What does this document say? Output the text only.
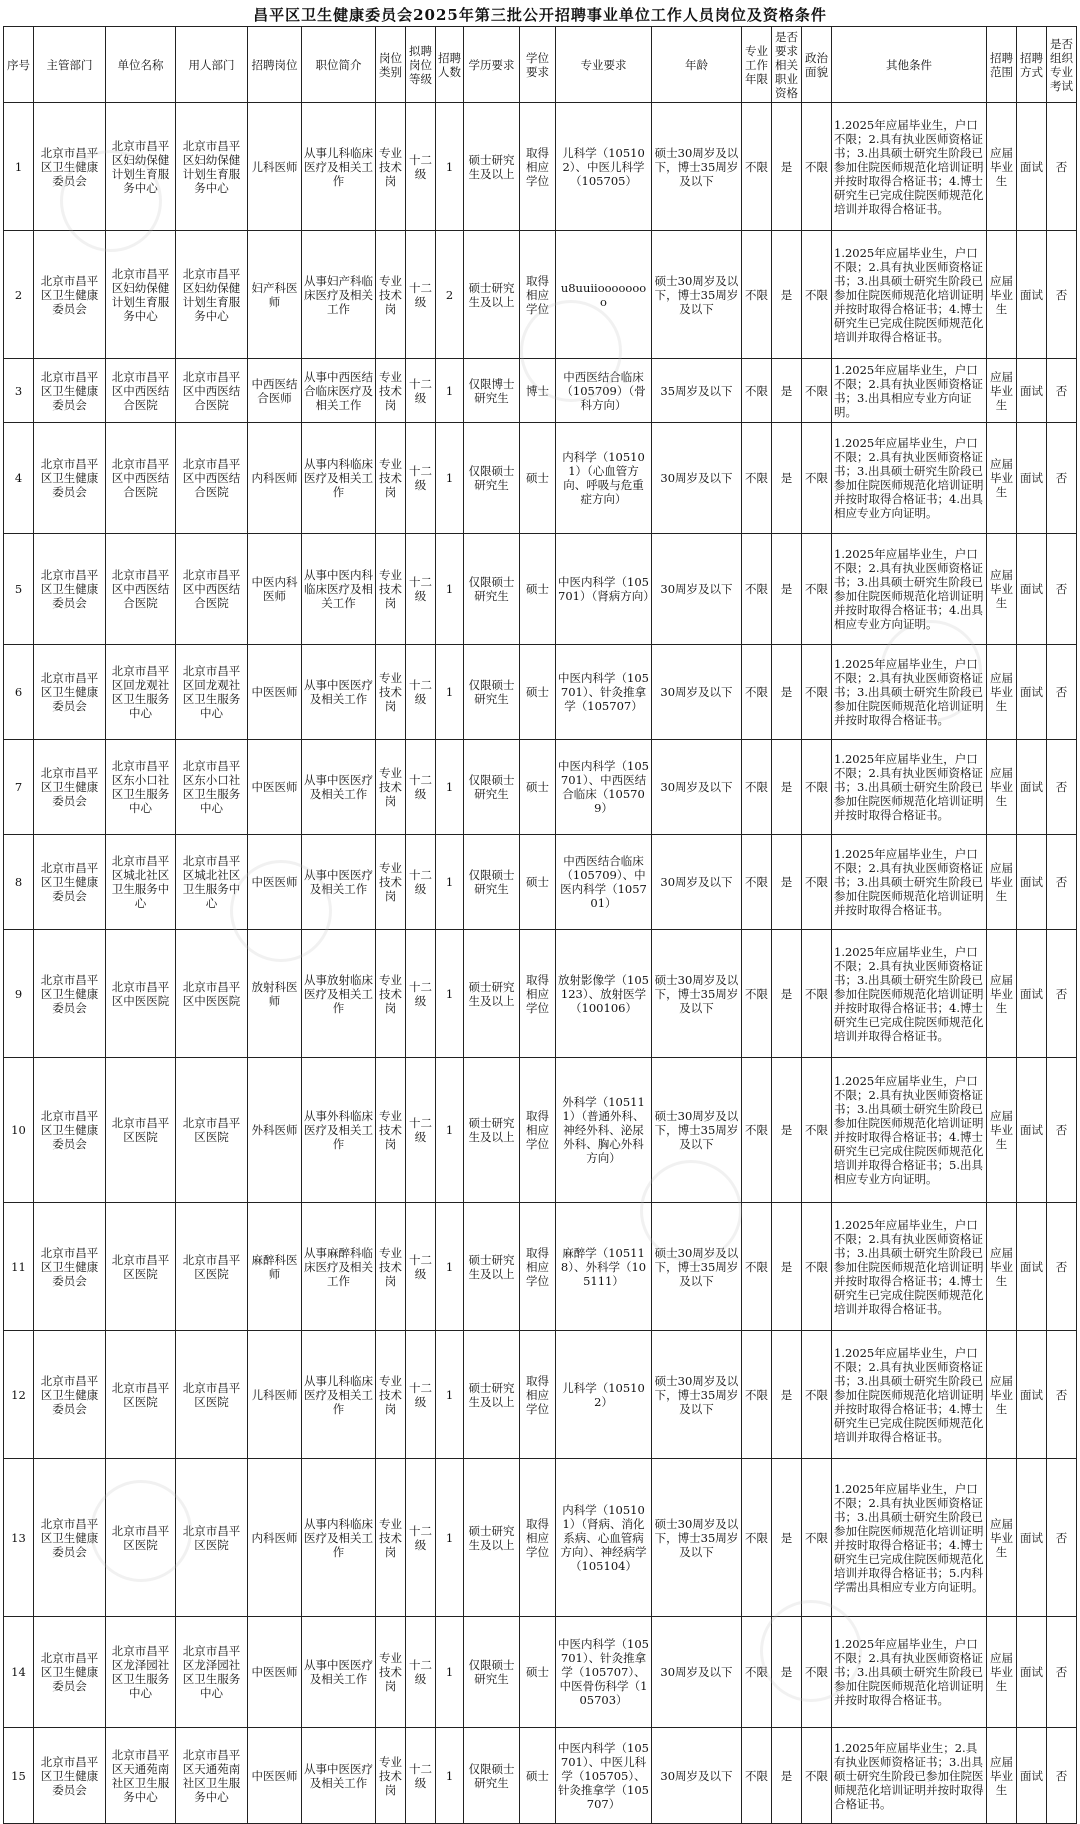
昌平区卫生健康委员会2025年第三批公开招聘事业单位工作人员岗位及资格条件
序号	主管部门	单位名称	用人部门	招聘岗位	职位简介	岗位类别	拟聘岗位等级	招聘人数	学历要求	学位要求	专业要求	年龄	专业工作年限	是否要求相关职业资格	政治面貌	其他条件	招聘范围	招聘方式	是否组织专业考试
1	北京市昌平区卫生健康委员会	北京市昌平区妇幼保健计划生育服务中心	北京市昌平区妇幼保健计划生育服务中心	儿科医师	从事儿科临床医疗及相关工作	专业技术岗	十二级	1	硕士研究生及以上	取得相应学位	儿科学（105102）、中医儿科学（105705）	硕士30周岁及以下，博士35周岁及以下	不限	是	不限	1.2025年应届毕业生，户口不限；2.具有执业医师资格证书；3.出具硕士研究生阶段已参加住院医师规范化培训证明并按时取得合格证书；4.博士研究生已完成住院医师规范化培训并取得合格证书。	应届毕业生	面试	否
2	北京市昌平区卫生健康委员会	北京市昌平区妇幼保健计划生育服务中心	北京市昌平区妇幼保健计划生育服务中心	妇产科医师	从事妇产科临床医疗及相关工作	专业技术岗	十二级	2	硕士研究生及以上	取得相应学位	u8uuiioooooooo	硕士30周岁及以下，博士35周岁及以下	不限	是	不限	1.2025年应届毕业生，户口不限；2.具有执业医师资格证书；3.出具硕士研究生阶段已参加住院医师规范化培训证明并按时取得合格证书；4.博士研究生已完成住院医师规范化培训并取得合格证书。	应届毕业生	面试	否
3	北京市昌平区卫生健康委员会	北京市昌平区中西医结合医院	北京市昌平区中西医结合医院	中西医结合医师	从事中西医结合临床医疗及相关工作	专业技术岗	十二级	1	仅限博士研究生	博士	中西医结合临床（105709）（骨科方向）	35周岁及以下	不限	是	不限	1.2025年应届毕业生，户口不限；2.具有执业医师资格证书；3.出具相应专业方向证明。	应届毕业生	面试	否
4	北京市昌平区卫生健康委员会	北京市昌平区中西医结合医院	北京市昌平区中西医结合医院	内科医师	从事内科临床医疗及相关工作	专业技术岗	十二级	1	仅限硕士研究生	硕士	内科学（105101）（心血管方向、呼吸与危重症方向）	30周岁及以下	不限	是	不限	1.2025年应届毕业生，户口不限；2.具有执业医师资格证书；3.出具硕士研究生阶段已参加住院医师规范化培训证明并按时取得合格证书；4.出具相应专业方向证明。	应届毕业生	面试	否
5	北京市昌平区卫生健康委员会	北京市昌平区中西医结合医院	北京市昌平区中西医结合医院	中医内科医师	从事中医内科临床医疗及相关工作	专业技术岗	十二级	1	仅限硕士研究生	硕士	中医内科学（105701）（肾病方向）	30周岁及以下	不限	是	不限	1.2025年应届毕业生，户口不限；2.具有执业医师资格证书；3.出具硕士研究生阶段已参加住院医师规范化培训证明并按时取得合格证书；4.出具相应专业方向证明。	应届毕业生	面试	否
6	北京市昌平区卫生健康委员会	北京市昌平区回龙观社区卫生服务中心	北京市昌平区回龙观社区卫生服务中心	中医医师	从事中医医疗及相关工作	专业技术岗	十二级	1	仅限硕士研究生	硕士	中医内科学（105701）、针灸推拿学（105707）	30周岁及以下	不限	是	不限	1.2025年应届毕业生，户口不限；2.具有执业医师资格证书；3.出具硕士研究生阶段已参加住院医师规范化培训证明并按时取得合格证书。	应届毕业生	面试	否
7	北京市昌平区卫生健康委员会	北京市昌平区东小口社区卫生服务中心	北京市昌平区东小口社区卫生服务中心	中医医师	从事中医医疗及相关工作	专业技术岗	十二级	1	仅限硕士研究生	硕士	中医内科学（105701）、中西医结合临床（105709）	30周岁及以下	不限	是	不限	1.2025年应届毕业生，户口不限；2.具有执业医师资格证书；3.出具硕士研究生阶段已参加住院医师规范化培训证明并按时取得合格证书。	应届毕业生	面试	否
8	北京市昌平区卫生健康委员会	北京市昌平区城北社区卫生服务中心	北京市昌平区城北社区卫生服务中心	中医医师	从事中医医疗及相关工作	专业技术岗	十二级	1	仅限硕士研究生	硕士	中西医结合临床（105709）、中医内科学（105701）	30周岁及以下	不限	是	不限	1.2025年应届毕业生，户口不限；2.具有执业医师资格证书；3.出具硕士研究生阶段已参加住院医师规范化培训证明并按时取得合格证书。	应届毕业生	面试	否
9	北京市昌平区卫生健康委员会	北京市昌平区中医医院	北京市昌平区中医医院	放射科医师	从事放射临床医疗及相关工作	专业技术岗	十二级	1	硕士研究生及以上	取得相应学位	放射影像学（105123）、放射医学（100106）	硕士30周岁及以下，博士35周岁及以下	不限	是	不限	1.2025年应届毕业生，户口不限；2.具有执业医师资格证书；3.出具硕士研究生阶段已参加住院医师规范化培训证明并按时取得合格证书；4.博士研究生已完成住院医师规范化培训并取得合格证书。	应届毕业生	面试	否
10	北京市昌平区卫生健康委员会	北京市昌平区医院	北京市昌平区医院	外科医师	从事外科临床医疗及相关工作	专业技术岗	十二级	1	硕士研究生及以上	取得相应学位	外科学（105111）（普通外科、神经外科、泌尿外科、胸心外科方向）	硕士30周岁及以下，博士35周岁及以下	不限	是	不限	1.2025年应届毕业生，户口不限；2.具有执业医师资格证书；3.出具硕士研究生阶段已参加住院医师规范化培训证明并按时取得合格证书；4.博士研究生已完成住院医师规范化培训并取得合格证书；5.出具相应专业方向证明。	应届毕业生	面试	否
11	北京市昌平区卫生健康委员会	北京市昌平区医院	北京市昌平区医院	麻醉科医师	从事麻醉科临床医疗及相关工作	专业技术岗	十二级	1	硕士研究生及以上	取得相应学位	麻醉学（105118）、外科学（105111）	硕士30周岁及以下，博士35周岁及以下	不限	是	不限	1.2025年应届毕业生，户口不限；2.具有执业医师资格证书；3.出具硕士研究生阶段已参加住院医师规范化培训证明并按时取得合格证书；4.博士研究生已完成住院医师规范化培训并取得合格证书。	应届毕业生	面试	否
12	北京市昌平区卫生健康委员会	北京市昌平区医院	北京市昌平区医院	儿科医师	从事儿科临床医疗及相关工作	专业技术岗	十二级	1	硕士研究生及以上	取得相应学位	儿科学（105102）	硕士30周岁及以下，博士35周岁及以下	不限	是	不限	1.2025年应届毕业生，户口不限；2.具有执业医师资格证书；3.出具硕士研究生阶段已参加住院医师规范化培训证明并按时取得合格证书；4.博士研究生已完成住院医师规范化培训并取得合格证书。	应届毕业生	面试	否
13	北京市昌平区卫生健康委员会	北京市昌平区医院	北京市昌平区医院	内科医师	从事内科临床医疗及相关工作	专业技术岗	十二级	1	硕士研究生及以上	取得相应学位	内科学（105101）（肾病、消化系病、心血管病方向）、神经病学（105104）	硕士30周岁及以下，博士35周岁及以下	不限	是	不限	1.2025年应届毕业生，户口不限；2.具有执业医师资格证书；3.出具硕士研究生阶段已参加住院医师规范化培训证明并按时取得合格证书；4.博士研究生已完成住院医师规范化培训并取得合格证书；5.内科学需出具相应专业方向证明。	应届毕业生	面试	否
14	北京市昌平区卫生健康委员会	北京市昌平区龙泽园社区卫生服务中心	北京市昌平区龙泽园社区卫生服务中心	中医医师	从事中医医疗及相关工作	专业技术岗	十二级	1	仅限硕士研究生	硕士	中医内科学（105701）、针灸推拿学（105707）、中医骨伤科学（105703）	30周岁及以下	不限	是	不限	1.2025年应届毕业生，户口不限；2.具有执业医师资格证书；3.出具硕士研究生阶段已参加住院医师规范化培训证明并按时取得合格证书。	应届毕业生	面试	否
15	北京市昌平区卫生健康委员会	北京市昌平区天通苑南社区卫生服务中心	北京市昌平区天通苑南社区卫生服务中心	中医医师	从事中医医疗及相关工作	专业技术岗	十二级	1	仅限硕士研究生	硕士	中医内科学（105701）、中医儿科学（105705）、针灸推拿学（105707）	30周岁及以下	不限	是	不限	1.2025年应届毕业生；2.具有执业医师资格证书；3.出具硕士研究生阶段已参加住院医师规范化培训证明并按时取得合格证书。	应届毕业生	面试	否
